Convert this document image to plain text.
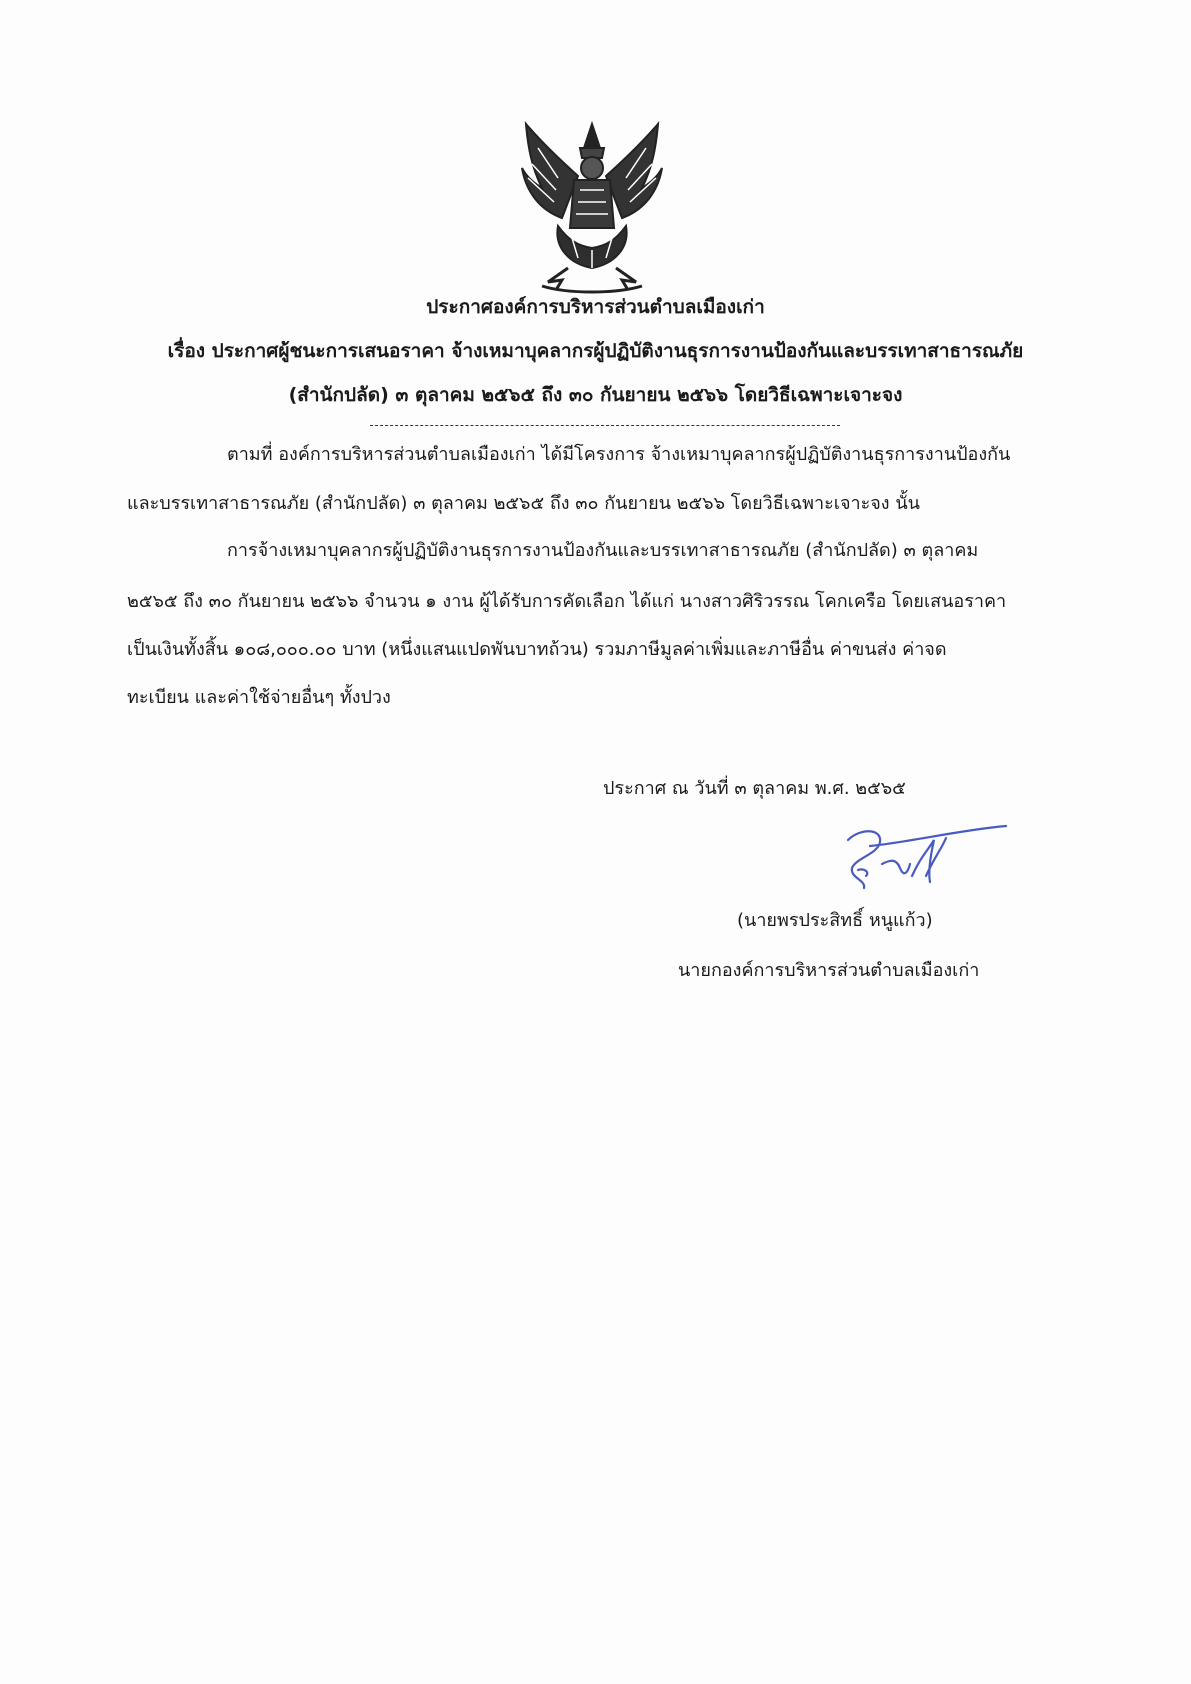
ประกาศองค์การบริหารส่วนตำบลเมืองเก่า
เรื่อง ประกาศผู้ชนะการเสนอราคา จ้างเหมาบุคลากรผู้ปฏิบัติงานธุรการงานป้องกันและบรรเทาสาธารณภัย
(สำนักปลัด) ๓ ตุลาคม ๒๕๖๕ ถึง ๓๐ กันยายน ๒๕๖๖ โดยวิธีเฉพาะเจาะจง
ตามที่ องค์การบริหารส่วนตำบลเมืองเก่า ได้มีโครงการ จ้างเหมาบุคลากรผู้ปฏิบัติงานธุรการงานป้องกัน
และบรรเทาสาธารณภัย (สำนักปลัด) ๓ ตุลาคม ๒๕๖๕ ถึง ๓๐ กันยายน ๒๕๖๖ โดยวิธีเฉพาะเจาะจง นั้น
การจ้างเหมาบุคลากรผู้ปฏิบัติงานธุรการงานป้องกันและบรรเทาสาธารณภัย (สำนักปลัด) ๓ ตุลาคม
๒๕๖๕ ถึง ๓๐ กันยายน ๒๕๖๖ จำนวน ๑ งาน ผู้ได้รับการคัดเลือก ได้แก่ นางสาวศิริวรรณ โคกเครือ โดยเสนอราคา
เป็นเงินทั้งสิ้น ๑๐๘,๐๐๐.๐๐ บาท (หนึ่งแสนแปดพันบาทถ้วน) รวมภาษีมูลค่าเพิ่มและภาษีอื่น ค่าขนส่ง ค่าจด
ทะเบียน และค่าใช้จ่ายอื่นๆ ทั้งปวง
ประกาศ ณ วันที่ ๓ ตุลาคม พ.ศ. ๒๕๖๕
(นายพรประสิทธิ์ หนูแก้ว)
นายกองค์การบริหารส่วนตำบลเมืองเก่า
